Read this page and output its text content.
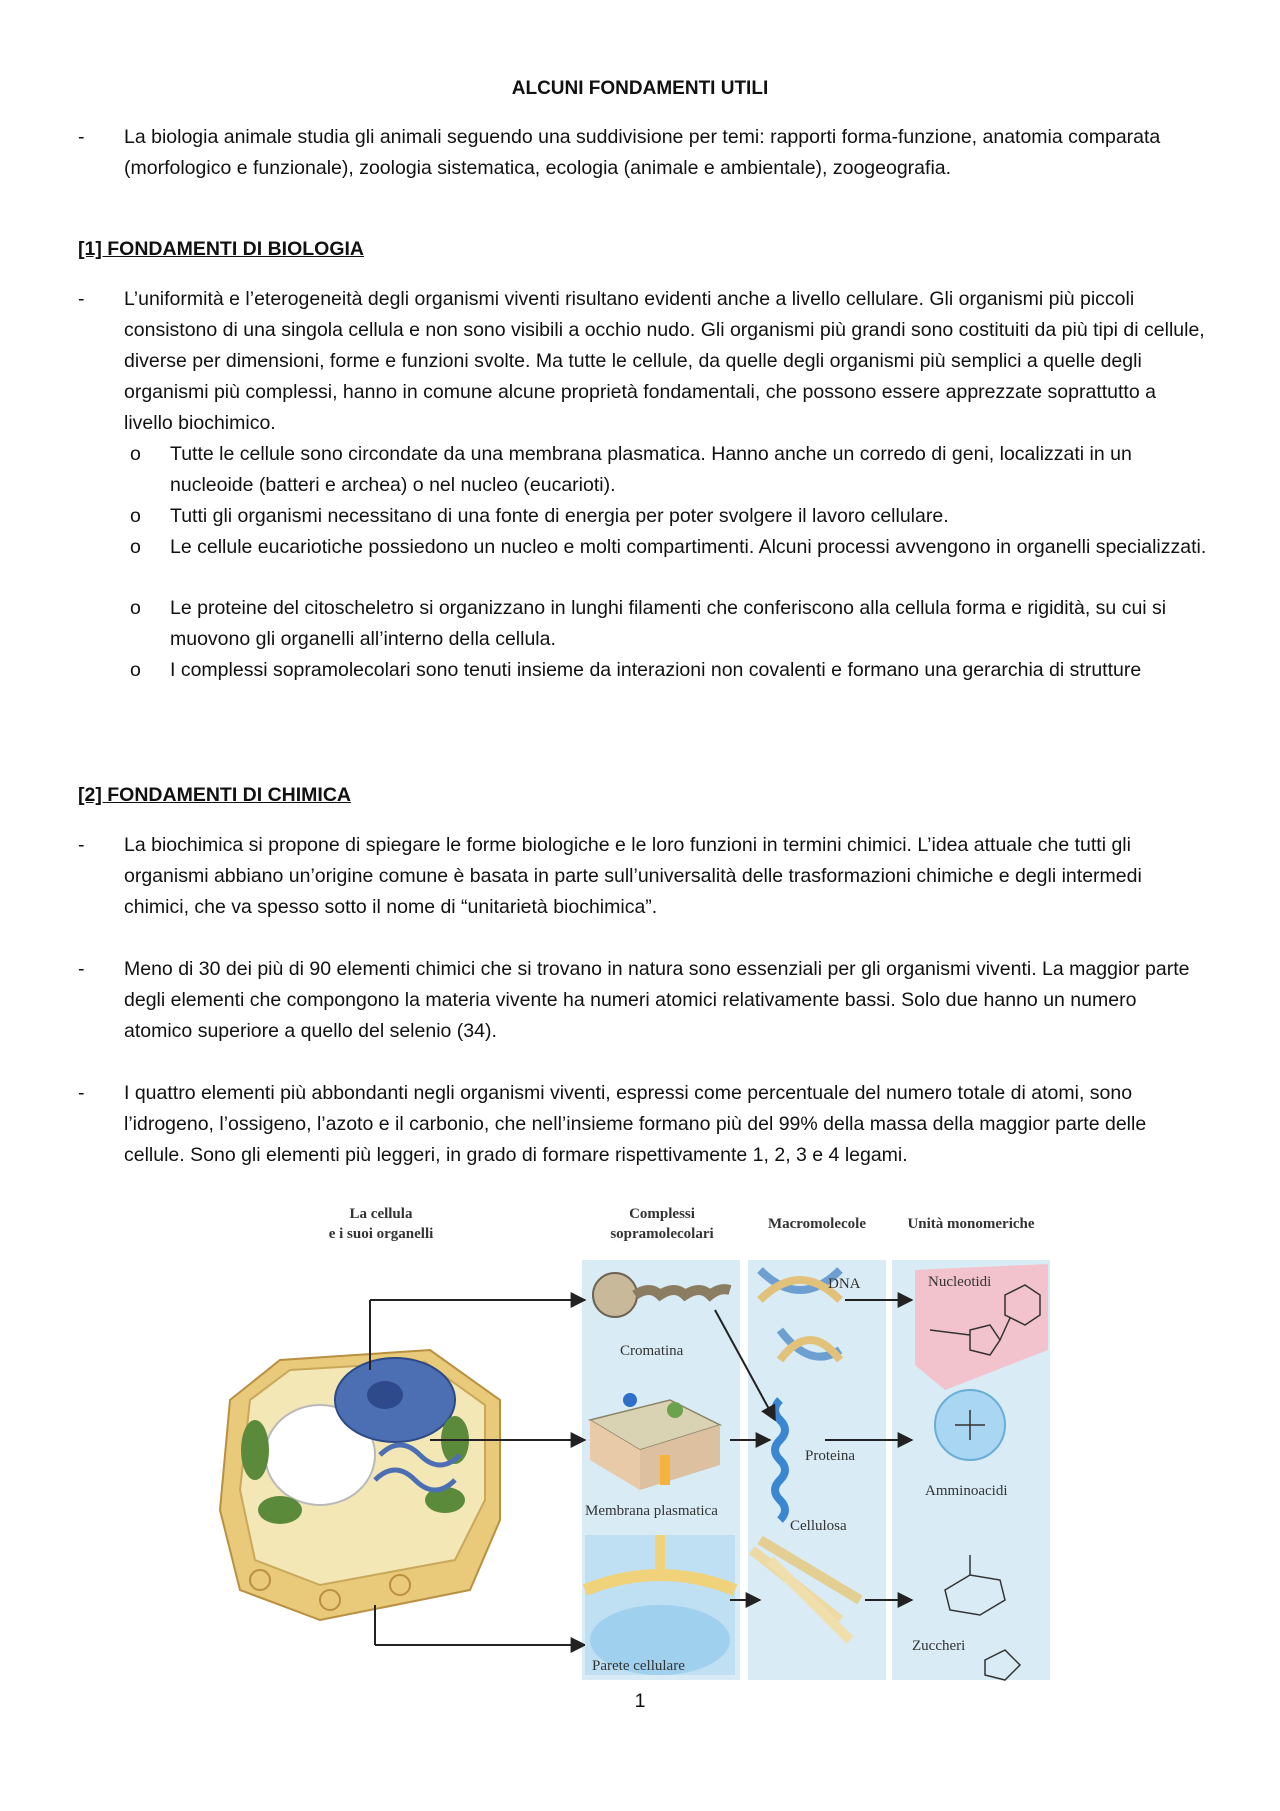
ALCUNI FONDAMENTI UTILI
-	La biologia animale studia gli animali seguendo una suddivisione per temi: rapporti forma-funzione, anatomia comparata (morfologico e funzionale), zoologia sistematica, ecologia (animale e ambientale), zoogeografia.
[1] FONDAMENTI DI BIOLOGIA
-	L’uniformità e l’eterogeneità degli organismi viventi risultano evidenti anche a livello cellulare. Gli organismi più piccoli consistono di una singola cellula e non sono visibili a occhio nudo. Gli organismi più grandi sono costituiti da più tipi di cellule, diverse per dimensioni, forme e funzioni svolte. Ma tutte le cellule, da quelle degli organismi più semplici a quelle degli organismi più complessi, hanno in comune alcune proprietà fondamentali, che possono essere apprezzate soprattutto a livello biochimico.
o Tutte le cellule sono circondate da una membrana plasmatica. Hanno anche un corredo di geni, localizzati in un nucleoide (batteri e archea) o nel nucleo (eucarioti).
o Tutti gli organismi necessitano di una fonte di energia per poter svolgere il lavoro cellulare.
o Le cellule eucariotiche possiedono un nucleo e molti compartimenti. Alcuni processi avvengono in organelli specializzati.
o Le proteine del citoscheletro si organizzano in lunghi filamenti che conferiscono alla cellula forma e rigidità, su cui si muovono gli organelli all’interno della cellula.
o I complessi sopramolecolari sono tenuti insieme da interazioni non covalenti e formano una gerarchia di strutture
[2] FONDAMENTI DI CHIMICA
-	La biochimica si propone di spiegare le forme biologiche e le loro funzioni in termini chimici. L’idea attuale che tutti gli organismi abbiano un’origine comune è basata in parte sull’universalità delle trasformazioni chimiche e degli intermedi chimici, che va spesso sotto il nome di “unitarietà biochimica”.
-	Meno di 30 dei più di 90 elementi chimici che si trovano in natura sono essenziali per gli organismi viventi. La maggior parte degli elementi che compongono la materia vivente ha numeri atomici relativamente bassi. Solo due hanno un numero atomico superiore a quello del selenio (34).
-	I quattro elementi più abbondanti negli organismi viventi, espressi come percentuale del numero totale di atomi, sono l’idrogeno, l’ossigeno, l’azoto e il carbonio, che nell’insieme formano più del 99% della massa della maggior parte delle cellule. Sono gli elementi più leggeri, in grado di formare rispettivamente 1, 2, 3 e 4 legami.
La cellula
e i suoi organelli
Complessi
sopramolecolari
Macromolecole	Unità monomeriche
Cromatina
Membrana plasmatica
Parete cellulare
DNA
Proteina
Cellulosa
Nucleotidi
Amminoacidi
Zuccheri
1
